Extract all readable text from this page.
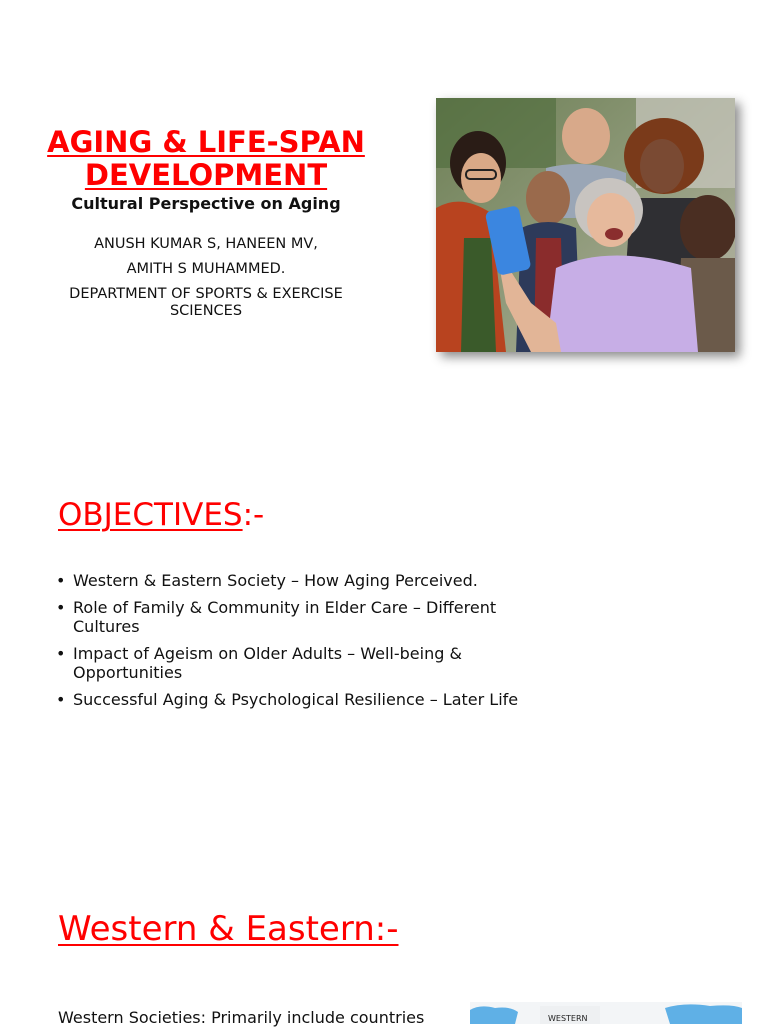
AGING & LIFE-SPAN
DEVELOPMENT
Cultural Perspective on Aging
ANUSH KUMAR S, HANEEN MV,
AMITH S MUHAMMED.
DEPARTMENT OF SPORTS & EXERCISE SCIENCES
OBJECTIVES:-
• Western & Eastern Society – How Aging Perceived.
• Role of Family & Community in Elder Care – Different Cultures
• Impact of Ageism on Older Adults – Well-being & Opportunities
• Successful Aging & Psychological Resilience – Later Life
Western & Eastern:-
Western Societies: Primarily include countries	WESTERN
